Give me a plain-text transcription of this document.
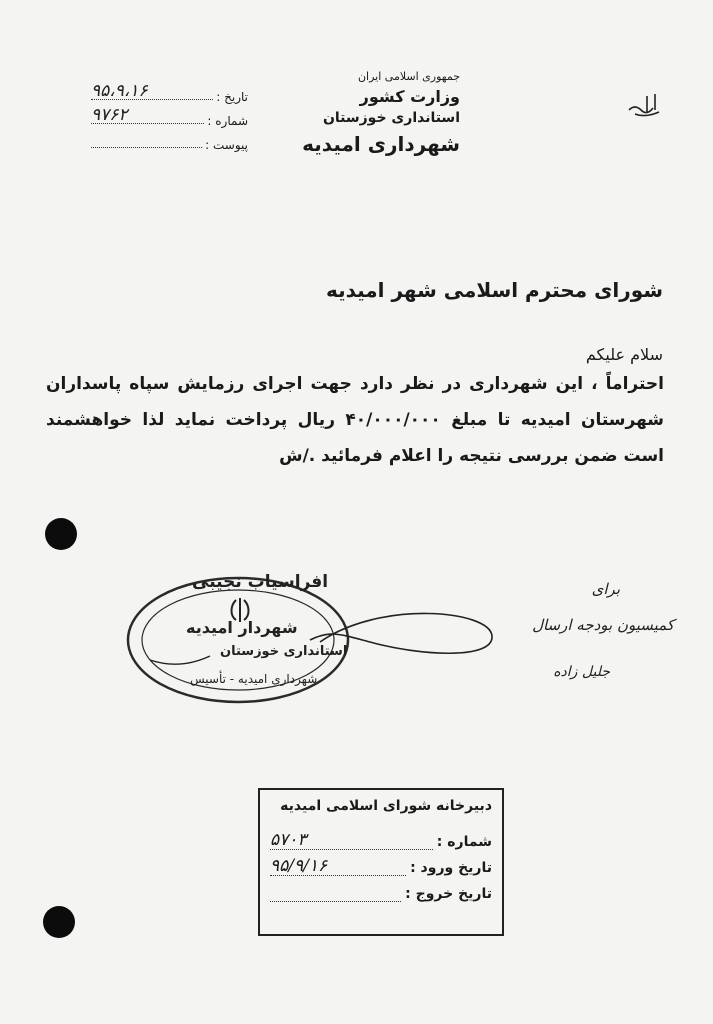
جمهوری اسلامی ایران
وزارت کشور
استانداری خوزستان
شهرداری امیدیه
تاریخ :
۹۵،۹،۱۶
شماره :
۹۷۶۲
پیوست :
شورای محترم اسلامی شهر امیدیه
سلام علیکم
احتراماً ، این شهرداری در نظر دارد جهت اجرای رزمایش سپاه پاسداران شهرستان امیدیه تا مبلغ ۴۰/۰۰۰/۰۰۰ ریال پرداخت نماید لذا خواهشمند است ضمن بررسی نتیجه را اعلام فرمائید ./ش
افراسیاب نجیبی
شهردار امیدیه
استانداری خوزستان
شهرداری امیدیه - تأسیس
برای
کمیسیون بودجه ارسال
جلیل زاده
دبیرخانه شورای اسلامی امیدیه
شماره :
۵۷۰۳
تاریخ ورود :
۹۵/۹/۱۶
تاریخ خروج :
